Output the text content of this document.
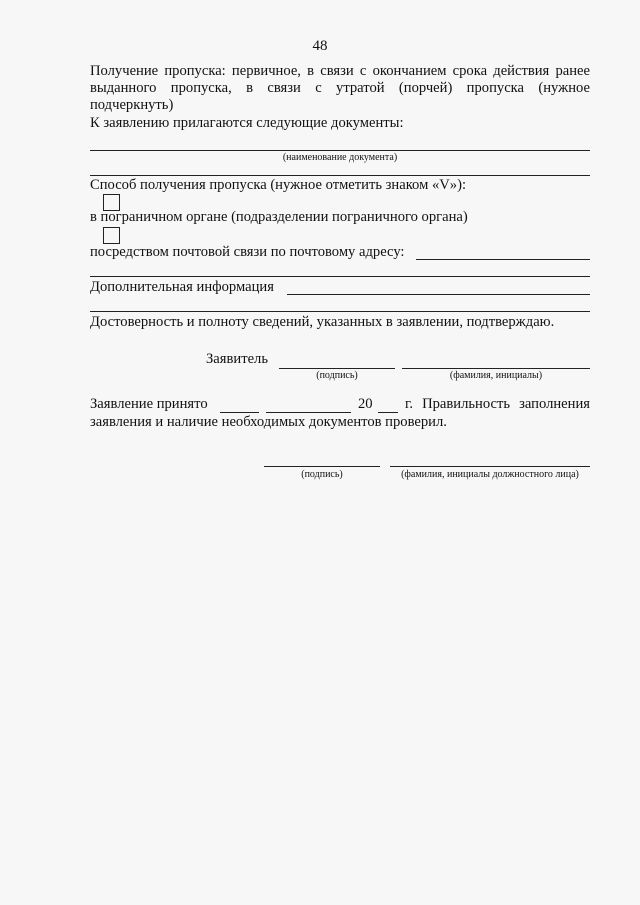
48
Получение пропуска: первичное, в связи с окончанием срока действия ранее
выданного пропуска, в связи с утратой (порчей) пропуска (нужное
подчеркнуть)
К заявлению прилагаются следующие документы:
(наименование документа)
Способ получения пропуска (нужное отметить знаком «V»):
в пограничном органе (подразделении пограничного органа)
посредством почтовой связи по почтовому адресу:
Дополнительная информация
Достоверность и полноту сведений, указанных в заявлении, подтверждаю.
Заявитель
(подпись)	(фамилия, инициалы)
Заявление принято	20 г. Правильность заполнения
заявления и наличие необходимых документов проверил.
(подпись)	(фамилия, инициалы должностного лица)
